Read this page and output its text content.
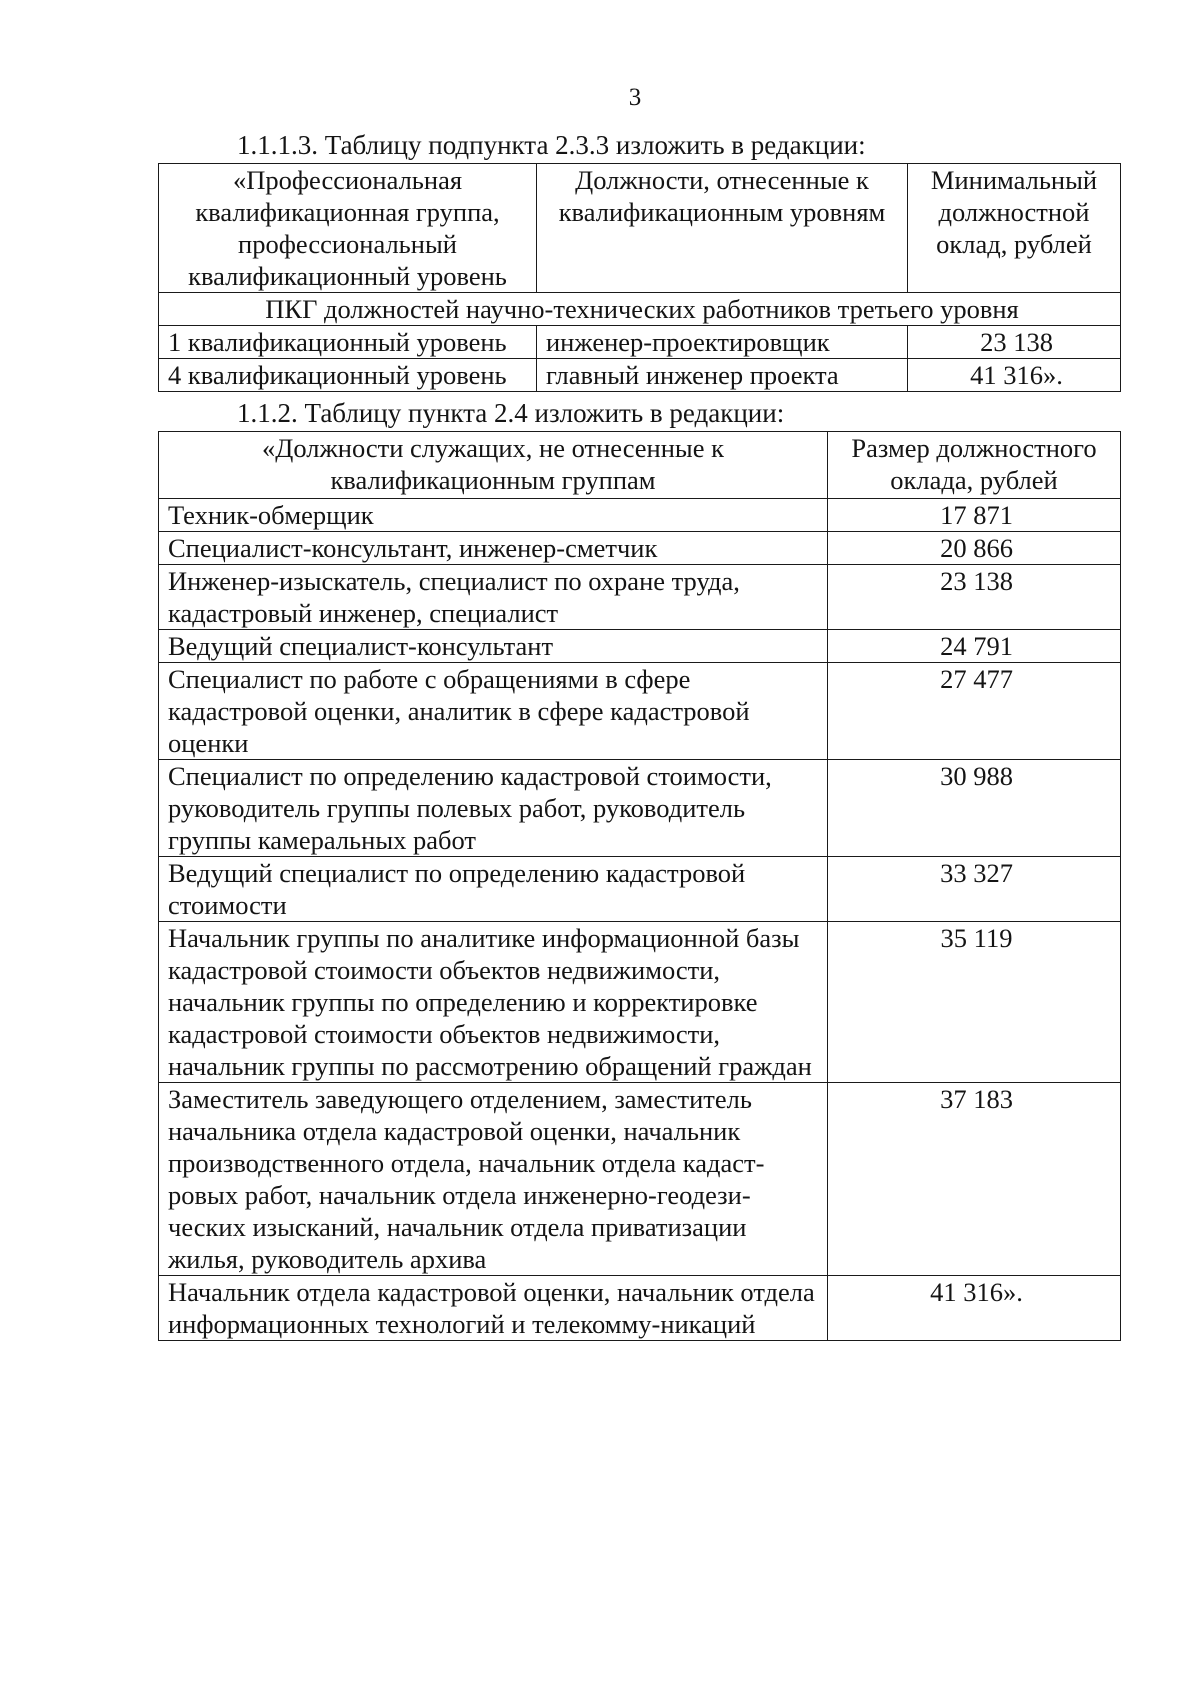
3
1.1.1.3. Таблицу подпункта 2.3.3 изложить в редакции:
«Профессиональная квалификационная группа, профессиональный квалификационный уровень	Должности, отнесенные к квалификационным уровням	Минимальный должностной оклад, рублей
ПКГ должностей научно-технических работников третьего уровня		
1 квалификационный уровень	инженер-проектировщик	23 138
4 квалификационный уровень	главный инженер проекта	41 316».
1.1.2. Таблицу пункта 2.4 изложить в редакции:
«Должности служащих, не отнесенные к квалификационным группам	Размер должностного оклада, рублей
Техник-обмерщик	17 871
Специалист-консультант, инженер-сметчик	20 866
Инженер-изыскатель, специалист по охране труда, кадастровый инженер, специалист	23 138
Ведущий специалист-консультант	24 791
Специалист по работе с обращениями в сфере кадастровой оценки, аналитик в сфере кадастровой оценки	27 477
Специалист по определению кадастровой стоимости, руководитель группы полевых работ, руководитель группы камеральных работ	30 988
Ведущий специалист по определению кадастровой стоимости	33 327
Начальник группы по аналитике информационной базы кадастровой стоимости объектов недвижимости, начальник группы по определению и корректировке кадастровой стоимости объектов недвижимости, начальник группы по рассмотрению обращений граждан	35 119
Заместитель заведующего отделением, заместитель начальника отдела кадастровой оценки, начальник производственного отдела, начальник отдела кадаст-ровых работ, начальник отдела инженерно-геодези-ческих изысканий, начальник отдела приватизации жилья, руководитель архива	37 183
Начальник отдела кадастровой оценки, начальник отдела информационных технологий и телекомму-никаций	41 316».
